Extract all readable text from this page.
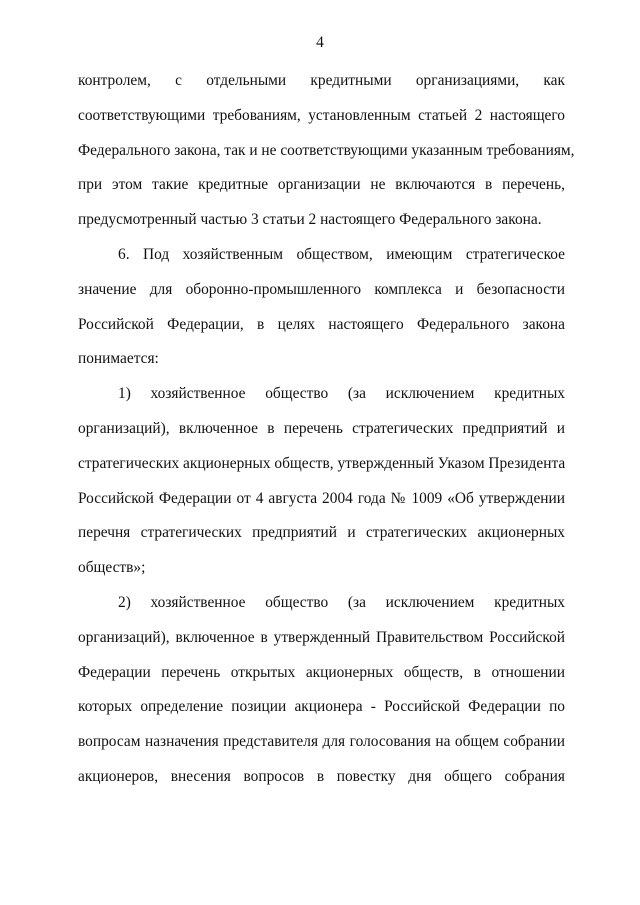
4
контролем, с отдельными кредитными организациями, как
соответствующими требованиям, установленным статьей 2 настоящего
Федерального закона, так и не соответствующими указанным требованиям,
при этом такие кредитные организации не включаются в перечень,
предусмотренный частью 3 статьи 2 настоящего Федерального закона.
6. Под хозяйственным обществом, имеющим стратегическое
значение для оборонно-промышленного комплекса и безопасности
Российской Федерации, в целях настоящего Федерального закона
понимается:
1) хозяйственное общество (за исключением кредитных
организаций), включенное в перечень стратегических предприятий и
стратегических акционерных обществ, утвержденный Указом Президента
Российской Федерации от 4 августа 2004 года № 1009 «Об утверждении
перечня стратегических предприятий и стратегических акционерных
обществ»;
2) хозяйственное общество (за исключением кредитных
организаций), включенное в утвержденный Правительством Российской
Федерации перечень открытых акционерных обществ, в отношении
которых определение позиции акционера - Российской Федерации по
вопросам назначения представителя для голосования на общем собрании
акционеров, внесения вопросов в повестку дня общего собрания
